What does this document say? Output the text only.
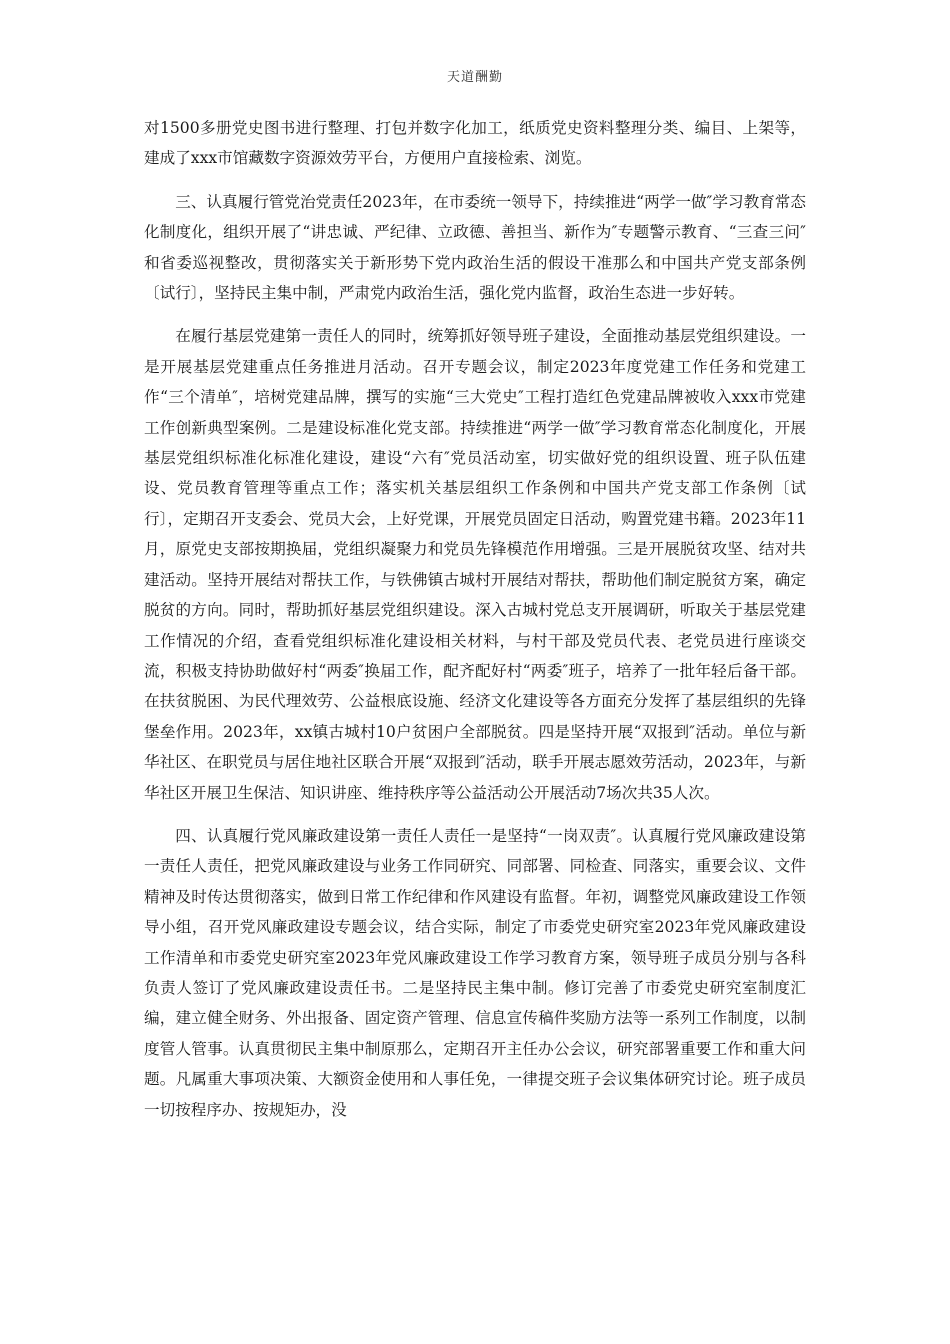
天道酬勤

对1500多册党史图书进行整理、打包并数字化加工，纸质党史资料整理分类、编目、上架等，建成了xxx市馆藏数字资源效劳平台，方便用户直接检索、浏览。

三、认真履行管党治党责任2023年，在市委统一领导下，持续推进“两学一做″学习教育常态化制度化，组织开展了“讲忠诚、严纪律、立政德、善担当、新作为″专题警示教育、“三查三问″和省委巡视整改，贯彻落实关于新形势下党内政治生活的假设干准那么和中国共产党支部条例〔试行〕，坚持民主集中制，严肃党内政治生活，强化党内监督，政治生态进一步好转。

在履行基层党建第一责任人的同时，统筹抓好领导班子建设，全面推动基层党组织建设。一是开展基层党建重点任务推进月活动。召开专题会议，制定2023年度党建工作任务和党建工作“三个清单″，培树党建品牌，撰写的实施“三大党史″工程打造红色党建品牌被收入xxx市党建工作创新典型案例。二是建设标准化党支部。持续推进“两学一做″学习教育常态化制度化，开展基层党组织标准化标准化建设，建设“六有″党员活动室，切实做好党的组织设置、班子队伍建设、党员教育管理等重点工作；落实机关基层组织工作条例和中国共产党支部工作条例〔试行〕，定期召开支委会、党员大会，上好党课，开展党员固定日活动，购置党建书籍。2023年11月，原党史支部按期换届，党组织凝聚力和党员先锋模范作用增强。三是开展脱贫攻坚、结对共建活动。坚持开展结对帮扶工作，与铁佛镇古城村开展结对帮扶，帮助他们制定脱贫方案，确定脱贫的方向。同时，帮助抓好基层党组织建设。深入古城村党总支开展调研，听取关于基层党建工作情况的介绍，查看党组织标准化建设相关材料，与村干部及党员代表、老党员进行座谈交流，积极支持协助做好村“两委″换届工作，配齐配好村“两委″班子，培养了一批年轻后备干部。在扶贫脱困、为民代理效劳、公益根底设施、经济文化建设等各方面充分发挥了基层组织的先锋堡垒作用。2023年，xx镇古城村10户贫困户全部脱贫。四是坚持开展“双报到″活动。单位与新华社区、在职党员与居住地社区联合开展“双报到″活动，联手开展志愿效劳活动，2023年，与新华社区开展卫生保洁、知识讲座、维持秩序等公益活动公开展活动7场次共35人次。

四、认真履行党风廉政建设第一责任人责任一是坚持“一岗双责″。认真履行党风廉政建设第一责任人责任，把党风廉政建设与业务工作同研究、同部署、同检查、同落实，重要会议、文件精神及时传达贯彻落实，做到日常工作纪律和作风建设有监督。年初，调整党风廉政建设工作领导小组，召开党风廉政建设专题会议，结合实际，制定了市委党史研究室2023年党风廉政建设工作清单和市委党史研究室2023年党风廉政建设工作学习教育方案，领导班子成员分别与各科负责人签订了党风廉政建设责任书。二是坚持民主集中制。修订完善了市委党史研究室制度汇编，建立健全财务、外出报备、固定资产管理、信息宣传稿件奖励方法等一系列工作制度，以制度管人管事。认真贯彻民主集中制原那么，定期召开主任办公会议，研究部署重要工作和重大问题。凡属重大事项决策、大额资金使用和人事任免，一律提交班子会议集体研究讨论。班子成员一切按程序办、按规矩办，没
